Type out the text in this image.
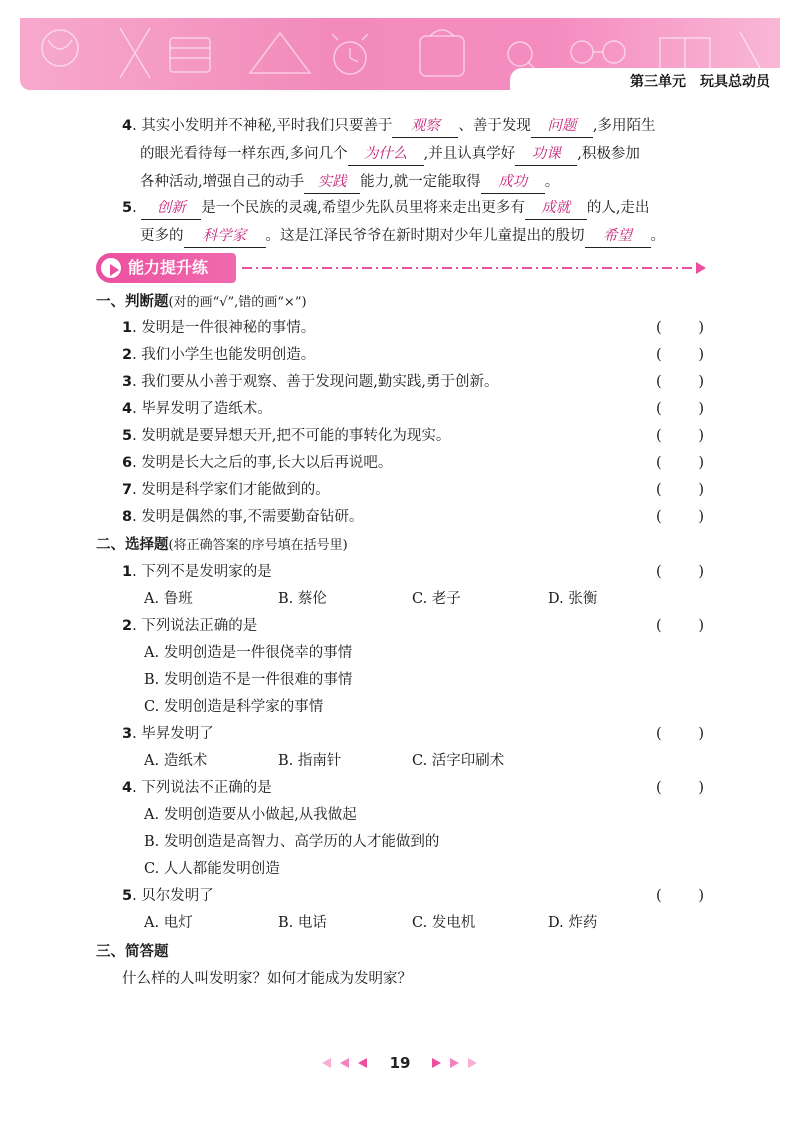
第三单元 玩具总动员
4. 其实小发明并不神秘,平时我们只要善于 观察 、善于发现 问题 ,多用陌生
的眼光看待每一样东西,多问几个 为什么 ,并且认真学好 功课 ,积极参加
各种活动,增强自己的动手 实践 能力,就一定能取得 成功 。
5. 创新 是一个民族的灵魂,希望少先队员里将来走出更多有 成就 的人,走出
更多的 科学家 。这是江泽民爷爷在新时期对少年儿童提出的殷切 希望 。
能力提升练
一、判断题(对的画“√”,错的画“×”)
1. 发明是一件很神秘的事情。	(	)
2. 我们小学生也能发明创造。	(	)
3. 我们要从小善于观察、善于发现问题,勤实践,勇于创新。	(	)
4. 毕昇发明了造纸术。	(	)
5. 发明就是要异想天开,把不可能的事转化为现实。	(	)
6. 发明是长大之后的事,长大以后再说吧。	(	)
7. 发明是科学家们才能做到的。	(	)
8. 发明是偶然的事,不需要勤奋钻研。	(	)
二、选择题(将正确答案的序号填在括号里)
1. 下列不是发明家的是	(	)
A. 鲁班	B. 蔡伦	C. 老子	D. 张衡
2. 下列说法正确的是	(	)
A. 发明创造是一件很侥幸的事情
B. 发明创造不是一件很难的事情
C. 发明创造是科学家的事情
3. 毕昇发明了	(	)
A. 造纸术	B. 指南针	C. 活字印刷术
4. 下列说法不正确的是	(	)
A. 发明创造要从小做起,从我做起
B. 发明创造是高智力、高学历的人才能做到的
C. 人人都能发明创造
5. 贝尔发明了	(	)
A. 电灯	B. 电话	C. 发电机	D. 炸药
三、简答题
什么样的人叫发明家？如何才能成为发明家？
19
